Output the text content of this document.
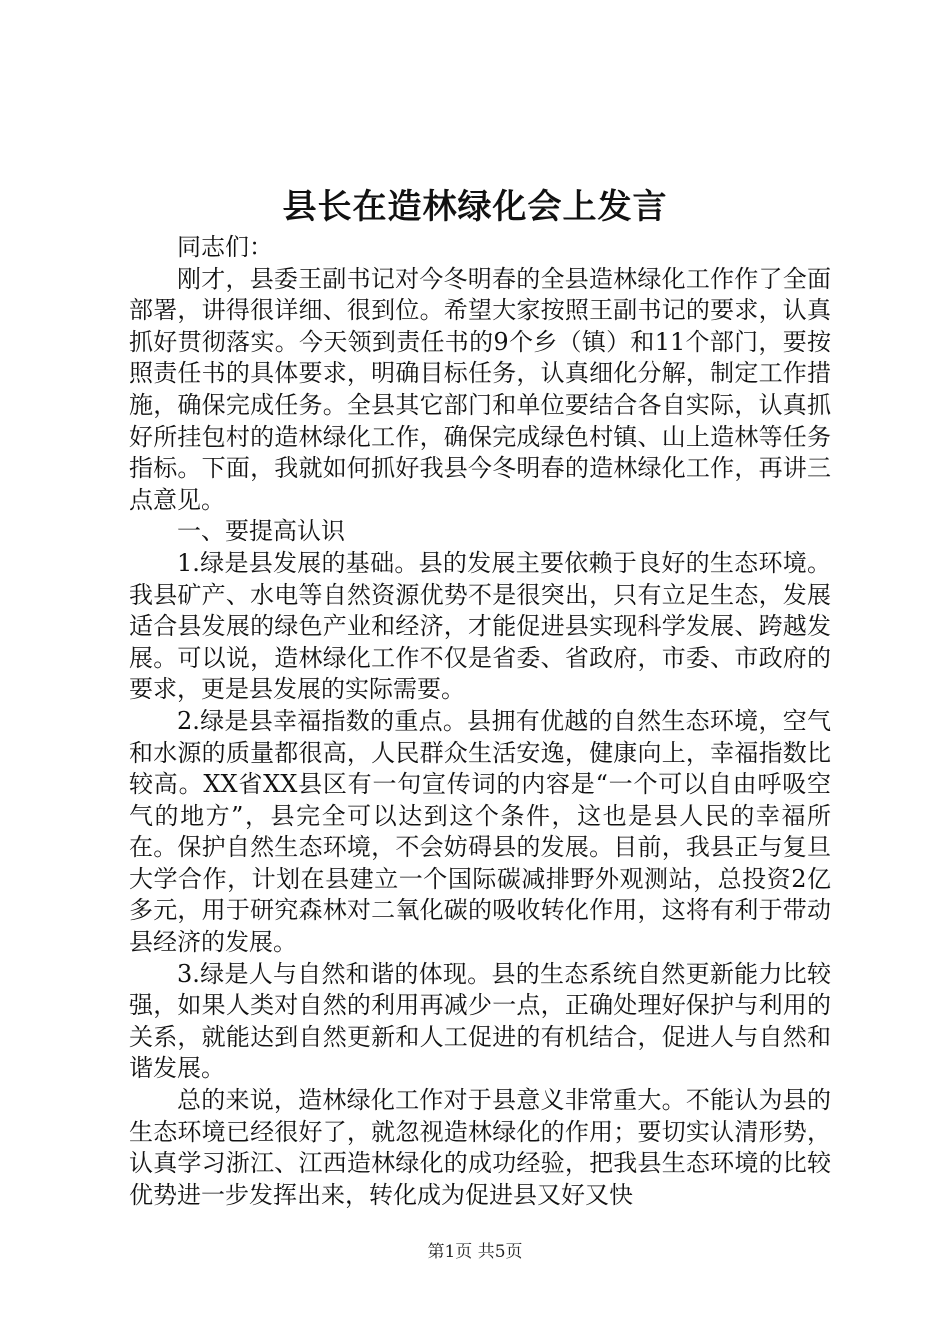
县长在造林绿化会上发言

同志们：

刚才，县委王副书记对今冬明春的全县造林绿化工作作了全面部署，讲得很详细、很到位。希望大家按照王副书记的要求，认真抓好贯彻落实。今天领到责任书的9个乡（镇）和11个部门，要按照责任书的具体要求，明确目标任务，认真细化分解，制定工作措施，确保完成任务。全县其它部门和单位要结合各自实际，认真抓好所挂包村的造林绿化工作，确保完成绿色村镇、山上造林等任务指标。下面，我就如何抓好我县今冬明春的造林绿化工作，再讲三点意见。

一、要提高认识

1.绿是县发展的基础。县的发展主要依赖于良好的生态环境。我县矿产、水电等自然资源优势不是很突出，只有立足生态，发展适合县发展的绿色产业和经济，才能促进县实现科学发展、跨越发展。可以说，造林绿化工作不仅是省委、省政府，市委、市政府的要求，更是县发展的实际需要。

2.绿是县幸福指数的重点。县拥有优越的自然生态环境，空气和水源的质量都很高，人民群众生活安逸，健康向上，幸福指数比较高。XX省XX县区有一句宣传词的内容是“一个可以自由呼吸空气的地方”，县完全可以达到这个条件，这也是县人民的幸福所在。保护自然生态环境，不会妨碍县的发展。目前，我县正与复旦大学合作，计划在县建立一个国际碳减排野外观测站，总投资2亿多元，用于研究森林对二氧化碳的吸收转化作用，这将有利于带动县经济的发展。

3.绿是人与自然和谐的体现。县的生态系统自然更新能力比较强，如果人类对自然的利用再减少一点，正确处理好保护与利用的关系，就能达到自然更新和人工促进的有机结合，促进人与自然和谐发展。

总的来说，造林绿化工作对于县意义非常重大。不能认为县的生态环境已经很好了，就忽视造林绿化的作用；要切实认清形势，认真学习浙江、江西造林绿化的成功经验，把我县生态环境的比较优势进一步发挥出来，转化成为促进县又好又快

第1页 共5页
